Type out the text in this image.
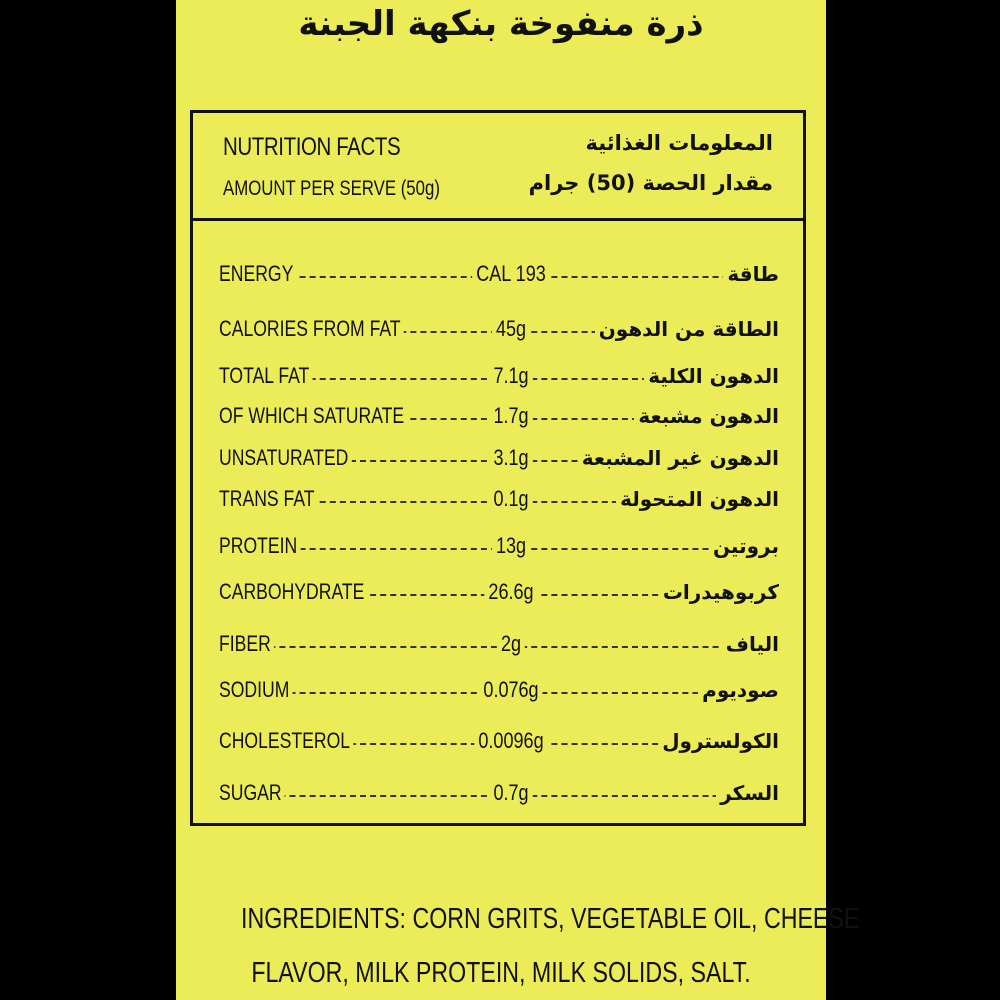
ذرة منفوخة بنكهة الجبنة
NUTRITION FACTS
AMOUNT PER SERVE (50g)
المعلومات الغذائية
مقدار الحصة (50) جرام
ENERGY	CAL 193	طاقة
CALORIES FROM FAT	45g	الطاقة من الدهون
TOTAL FAT	7.1g	الدهون الكلية
OF WHICH SATURATE	1.7g	الدهون مشبعة
UNSATURATED	3.1g	الدهون غير المشبعة
TRANS FAT	0.1g	الدهون المتحولة
PROTEIN	13g	بروتين
CARBOHYDRATE	26.6g	كربوهيدرات
FIBER	2g	الياف
SODIUM	0.076g	صوديوم
CHOLESTEROL	0.0096g	الكولسترول
SUGAR	0.7g	السكر
INGREDIENTS: CORN GRITS, VEGETABLE OIL, CHEESE
FLAVOR, MILK PROTEIN, MILK SOLIDS, SALT.
